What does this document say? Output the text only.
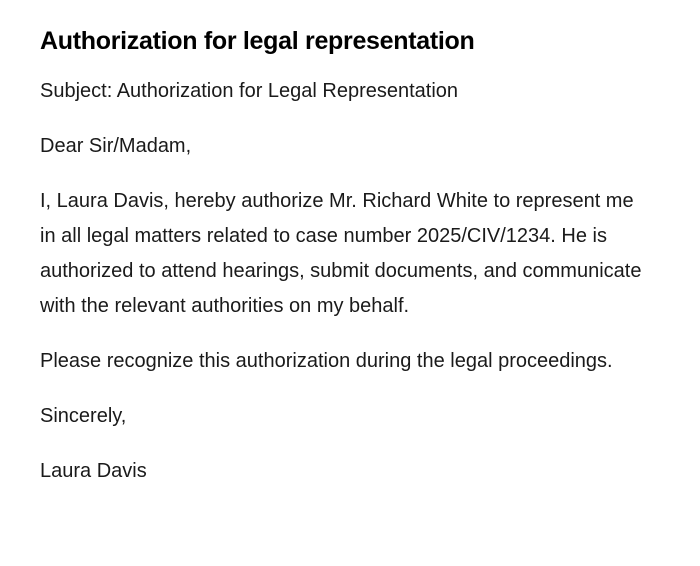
Authorization for legal representation

Subject: Authorization for Legal Representation

Dear Sir/Madam,

I, Laura Davis, hereby authorize Mr. Richard White to represent me in all legal matters related to case number 2025/CIV/1234. He is authorized to attend hearings, submit documents, and communicate with the relevant authorities on my behalf.

Please recognize this authorization during the legal proceedings.

Sincerely,

Laura Davis
